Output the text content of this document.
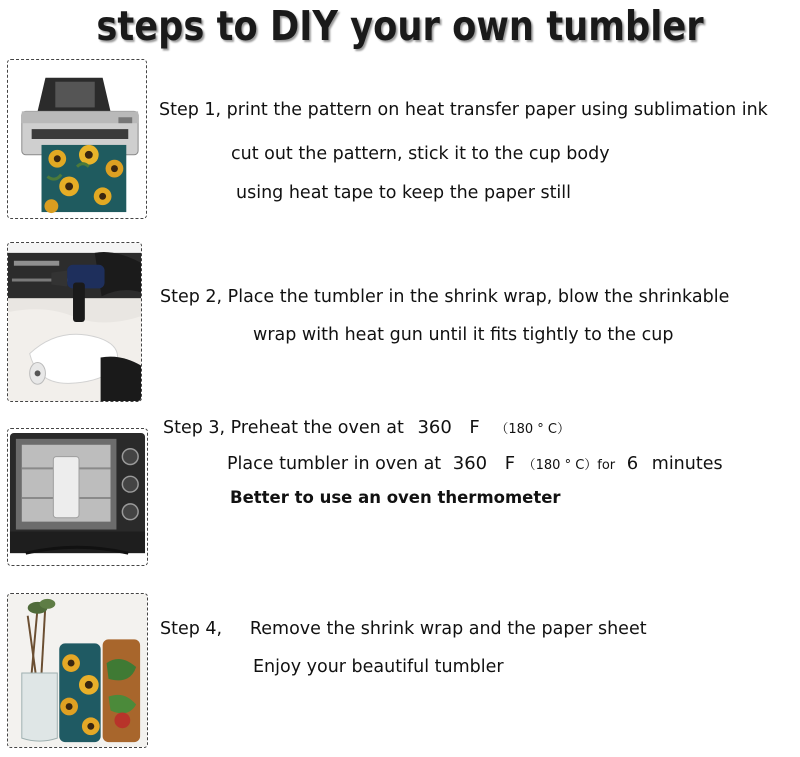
steps to DIY your own tumbler
Step 1, print the pattern on heat transfer paper using sublimation ink
cut out the pattern, stick it to the cup body
using heat tape to keep the paper still
Step 2, Place the tumbler in the shrink wrap, blow the shrinkable
wrap with heat gun until it fits tightly to the cup
Step 3, Preheat the oven at 360 F （180 ° C）
Place tumbler in oven at 360 F （180 ° C）for 6 minutes
Better to use an oven thermometer
Step 4,     Remove the shrink wrap and the paper sheet
Enjoy your beautiful tumbler
